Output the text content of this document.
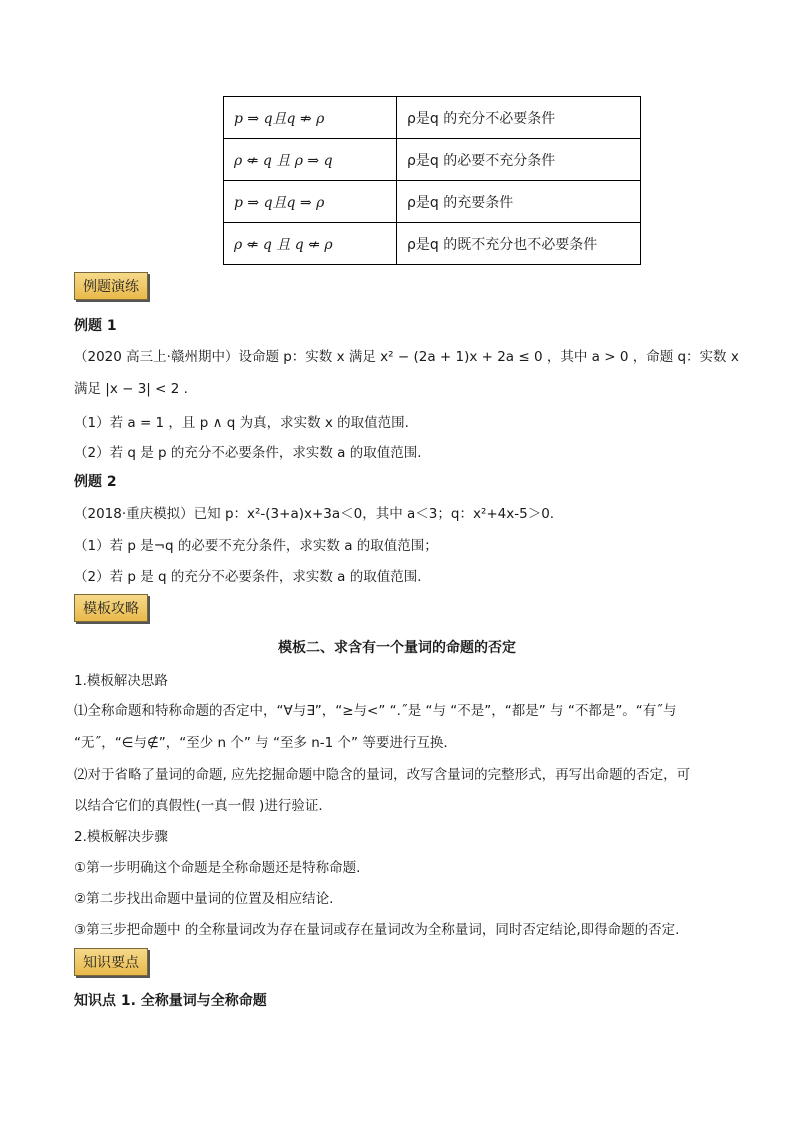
p ⇒ q且q ⇏ ρ	ρ是q 的充分不必要条件
ρ ⇍ q 且 ρ ⇒ q	ρ是q 的必要不充分条件
p ⇒ q且q ⇒ ρ	ρ是q 的充要条件
ρ ⇍ q 且 q ⇍ ρ	ρ是q 的既不充分也不必要条件
例题演练
例题 1
（2020 高三上·赣州期中）设命题 p：实数 x 满足 x² − (2a + 1)x + 2a ≤ 0 ，其中 a > 0 ，命题 q：实数 x
满足 |x − 3| < 2 .
（1）若 a = 1 ，且 p ∧ q 为真，求实数 x 的取值范围.
（2）若 q 是 p 的充分不必要条件，求实数 a 的取值范围.
例题 2
（2018·重庆模拟）已知 p：x²-(3+a)x+3a＜0，其中 a＜3；q：x²+4x-5＞0.
（1）若 p 是¬q 的必要不充分条件，求实数 a 的取值范围；
（2）若 p 是 q 的充分不必要条件，求实数 a 的取值范围.
模板攻略
模板二、求含有一个量词的命题的否定
1.模板解决思路
⑴全称命题和特称命题的否定中，“∀与∃”，“≥与<” “.˝是 “与 “不是”，“都是” 与 “不都是”。“有˝与
“无˝，“∈与∉”，“至少 n 个” 与 “至多 n-1 个” 等要进行互换.
⑵对于省略了量词的命题, 应先挖掘命题中隐含的量词，改写含量词的完整形式，再写出命题的否定，可
以结合它们的真假性(一真一假 )进行验证.
2.模板解决步骤
①第一步明确这个命题是全称命题还是特称命题.
②第二步找出命题中量词的位置及相应结论.
③第三步把命题中 的全称量词改为存在量词或存在量词改为全称量词，同时否定结论,即得命题的否定.
知识要点
知识点 1. 全称量词与全称命题
